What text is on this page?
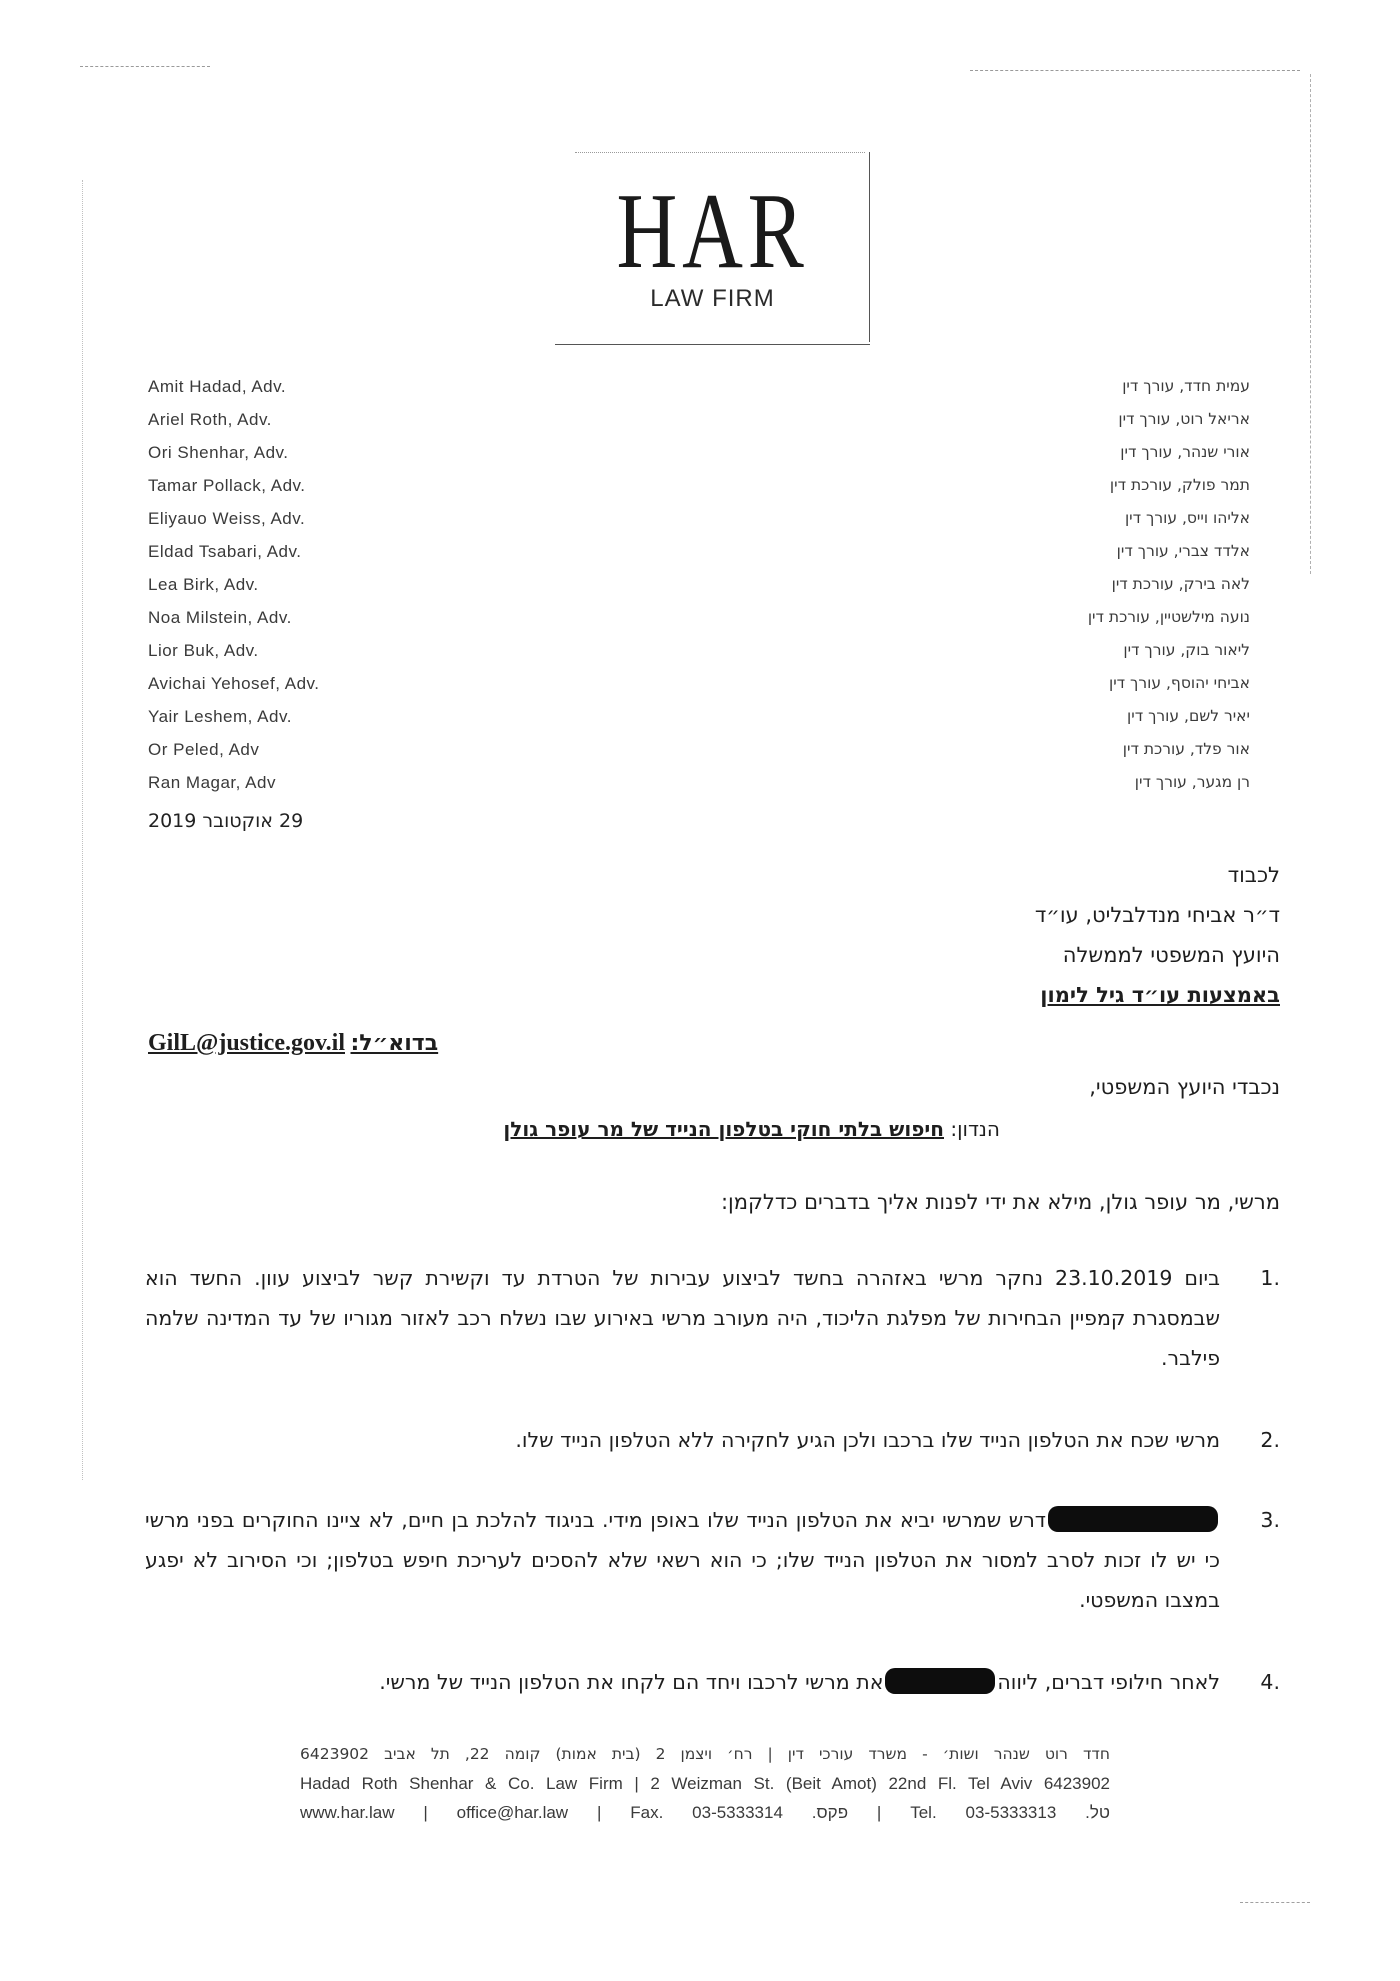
HAR
LAW FIRM
Amit Hadad, Adv.
Ariel Roth, Adv.
Ori Shenhar, Adv.
Tamar Pollack, Adv.
Eliyauo Weiss, Adv.
Eldad Tsabari, Adv.
Lea Birk, Adv.
Noa Milstein, Adv.
Lior Buk, Adv.
Avichai Yehosef, Adv.
Yair Leshem, Adv.
Or Peled, Adv
Ran Magar, Adv
עמית חדד, עורך דין
אריאל רוט, עורך דין
אורי שנהר, עורך דין
תמר פולק, עורכת דין
אליהו וייס, עורך דין
אלדד צברי, עורך דין
לאה בירק, עורכת דין
נועה מילשטיין, עורכת דין
ליאור בוק, עורך דין
אביחי יהוסף, עורך דין
יאיר לשם, עורך דין
אור פלד, עורכת דין
רן מגער, עורך דין
29 אוקטובר 2019
לכבוד
ד״ר אביחי מנדלבליט, עו״ד
היועץ המשפטי לממשלה
באמצעות עו״ד גיל לימון
GilL@justice.gov.il בדוא״ל:
נכבדי היועץ המשפטי,
הנדון: חיפוש בלתי חוקי בטלפון הנייד של מר עופר גולן
מרשי, מר עופר גולן, מילא את ידי לפנות אליך בדברים כדלקמן:
.1
ביום 23.10.2019 נחקר מרשי באזהרה בחשד לביצוע עבירות של הטרדת עד וקשירת קשר לביצוע עוון. החשד הוא שבמסגרת קמפיין הבחירות של מפלגת הליכוד, היה מעורב מרשי באירוע שבו נשלח רכב לאזור מגוריו של עד המדינה שלמה פילבר.
.2
מרשי שכח את הטלפון הנייד שלו ברכבו ולכן הגיע לחקירה ללא הטלפון הנייד שלו.
.3
דרש שמרשי יביא את הטלפון הנייד שלו באופן מידי. בניגוד להלכת בן חיים, לא ציינו החוקרים בפני מרשי כי יש לו זכות לסרב למסור את הטלפון הנייד שלו; כי הוא רשאי שלא להסכים לעריכת חיפש בטלפון; וכי הסירוב לא יפגע במצבו המשפטי.
.4
לאחר חילופי דברים, ליווהאת מרשי לרכבו ויחד הם לקחו את הטלפון הנייד של מרשי.
חדד רוט שנהר ושות׳ - משרד עורכי דין | רח׳ ויצמן 2 (בית אמות) קומה 22, תל אביב 6423902
Hadad Roth Shenhar & Co. Law Firm | 2 Weizman St. (Beit Amot) 22nd Fl. Tel Aviv 6423902
www.har.law | office@har.law | Fax. 03-5333314 .פקס | Tel. 03-5333313 .טל
